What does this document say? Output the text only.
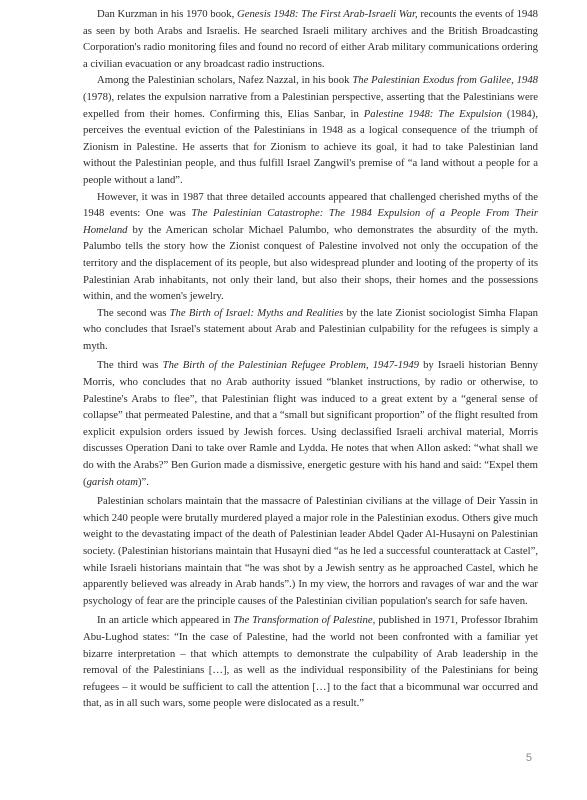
Dan Kurzman in his 1970 book, Genesis 1948: The First Arab-Israeli War, recounts the events of 1948 as seen by both Arabs and Israelis. He searched Israeli military archives and the British Broadcasting Corporation's radio monitoring files and found no record of either Arab military communications ordering a civilian evacuation or any broadcast radio instructions.

Among the Palestinian scholars, Nafez Nazzal, in his book The Palestinian Exodus from Galilee, 1948 (1978), relates the expulsion narrative from a Palestinian perspective, asserting that the Palestinians were expelled from their homes. Confirming this, Elias Sanbar, in Palestine 1948: The Expulsion (1984), perceives the eventual eviction of the Palestinians in 1948 as a logical consequence of the triumph of Zionism in Palestine. He asserts that for Zionism to achieve its goal, it had to take Palestinian land without the Palestinian people, and thus fulfill Israel Zangwil's premise of “a land without a people for a people without a land”.

However, it was in 1987 that three detailed accounts appeared that challenged cherished myths of the 1948 events: One was The Palestinian Catastrophe: The 1984 Expulsion of a People From Their Homeland by the American scholar Michael Palumbo, who demonstrates the absurdity of the myth. Palumbo tells the story how the Zionist conquest of Palestine involved not only the occupation of the territory and the displacement of its people, but also widespread plunder and looting of the property of its Palestinian Arab inhabitants, not only their land, but also their shops, their homes and the possessions within, and the women's jewelry.

The second was The Birth of Israel: Myths and Realities by the late Zionist sociologist Simha Flapan who concludes that Israel's statement about Arab and Palestinian culpability for the refugees is simply a myth.

The third was The Birth of the Palestinian Refugee Problem, 1947-1949 by Israeli historian Benny Morris, who concludes that no Arab authority issued “blanket instructions, by radio or otherwise, to Palestine's Arabs to flee”, that Palestinian flight was induced to a great extent by a “general sense of collapse” that permeated Palestine, and that a “small but significant proportion” of the flight resulted from explicit expulsion orders issued by Jewish forces. Using declassified Israeli archival material, Morris discusses Operation Dani to take over Ramle and Lydda. He notes that when Allon asked: “what shall we do with the Arabs?” Ben Gurion made a dismissive, energetic gesture with his hand and said: “Expel them (garish otam)”.

Palestinian scholars maintain that the massacre of Palestinian civilians at the village of Deir Yassin in which 240 people were brutally murdered played a major role in the Palestinian exodus. Others give much weight to the devastating impact of the death of Palestinian leader Abdel Qader Al-Husayni on Palestinian society. (Palestinian historians maintain that Husayni died “as he led a successful counterattack at Castel”, while Israeli historians maintain that “he was shot by a Jewish sentry as he approached Castel, which he apparently believed was already in Arab hands”.) In my view, the horrors and ravages of war and the war psychology of fear are the principle causes of the Palestinian civilian population's search for safe haven.

In an article which appeared in The Transformation of Palestine, published in 1971, Professor Ibrahim Abu-Lughod states: “In the case of Palestine, had the world not been confronted with a familiar yet bizarre interpretation – that which attempts to demonstrate the culpability of Arab leadership in the removal of the Palestinians […], as well as the individual responsibility of the Palestinians for being refugees – it would be sufficient to call the attention […] to the fact that a bicommunal war occurred and that, as in all such wars, some people were dislocated as a result.”

5
